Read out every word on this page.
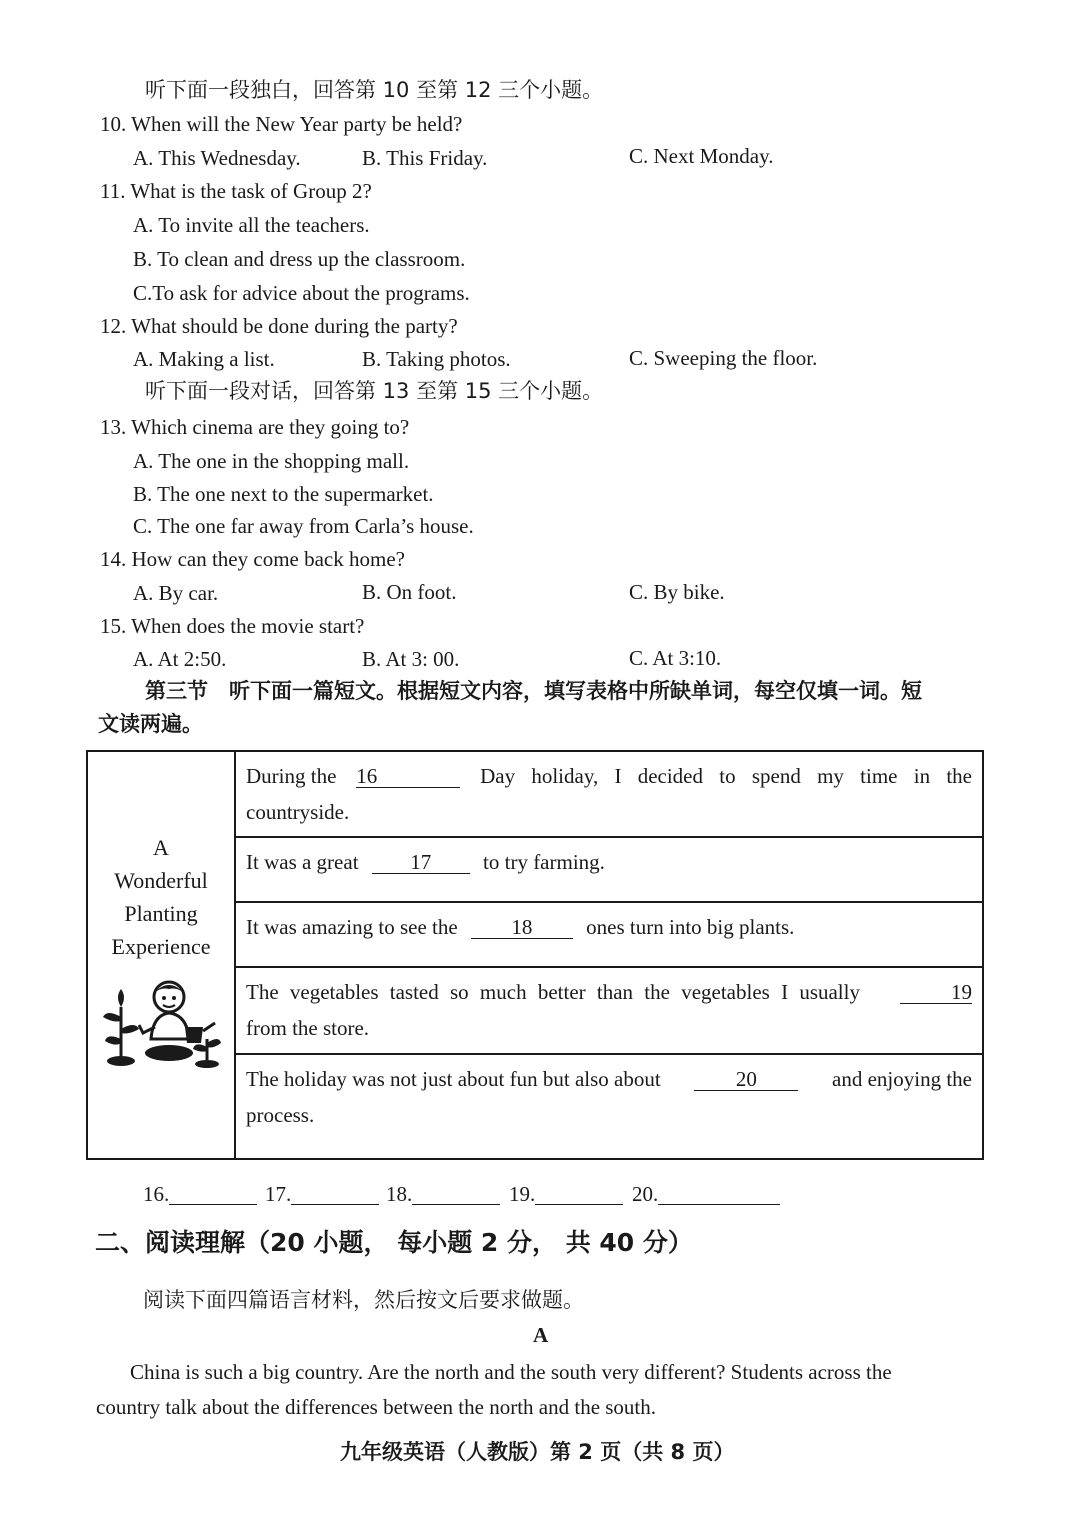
听下面一段独白，回答第 10 至第 12 三个小题。
10. When will the New Year party be held?
A. This Wednesday.	B. This Friday.	C. Next Monday.
11. What is the task of Group 2?
A. To invite all the teachers.
B. To clean and dress up the classroom.
C.To ask for advice about the programs.
12. What should be done during the party?
A. Making a list.	B. Taking photos.	C. Sweeping the floor.
听下面一段对话，回答第 13 至第 15 三个小题。
13. Which cinema are they going to?
A. The one in the shopping mall.
B. The one next to the supermarket.
C. The one far away from Carla’s house.
14. How can they come back home?
A. By car.	B. On foot.	C. By bike.
15. When does the movie start?
A. At 2:50.	B. At 3: 00.	C. At 3:10.
第三节　听下面一篇短文。根据短文内容，填写表格中所缺单词，每空仅填一词。短
文读两遍。
A
Wonderful
Planting
Experience

During the 16	Day holiday, I decided to spend my time in the
countryside.

It was a great 17 to try farming.
It was amazing to see the	18	ones turn into big plants.

The vegetables tasted so much better than the vegetables I usually	19
from the store.

The holiday was not just about fun but also about	20	and enjoying the
process.
16.	17.	18.	19.	20.
二、阅读理解（20 小题， 每小题 2 分， 共 40 分）
阅读下面四篇语言材料，然后按文后要求做题。
A
China is such a big country. Are the north and the south very different? Students across the
country talk about the differences between the north and the south.
九年级英语（人教版）第 2 页（共 8 页）
